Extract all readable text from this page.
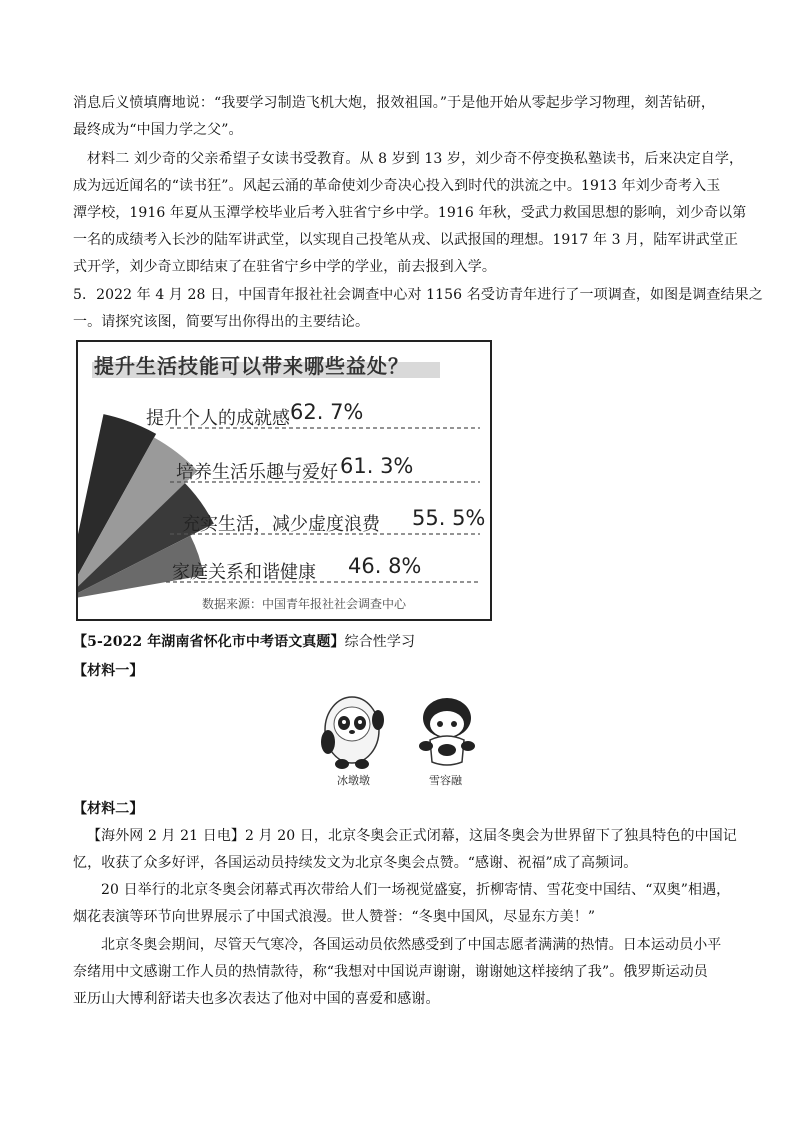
消息后义愤填膺地说：“我要学习制造飞机大炮，报效祖国。”于是他开始从零起步学习物理，刻苦钻研，
最终成为“中国力学之父”。
材料二 刘少奇的父亲希望子女读书受教育。从 8 岁到 13 岁，刘少奇不停变换私塾读书，后来决定自学，
成为远近闻名的“读书狂”。风起云涌的革命使刘少奇决心投入到时代的洪流之中。1913 年刘少奇考入玉
潭学校，1916 年夏从玉潭学校毕业后考入驻省宁乡中学。1916 年秋，受武力救国思想的影响，刘少奇以第
一名的成绩考入长沙的陆军讲武堂，以实现自己投笔从戎、以武报国的理想。1917 年 3 月，陆军讲武堂正
式开学，刘少奇立即结束了在驻省宁乡中学的学业，前去报到入学。
5．2022 年 4 月 28 日，中国青年报社社会调查中心对 1156 名受访青年进行了一项调查，如图是调查结果之
一。请探究该图，简要写出你得出的主要结论。
提升生活技能可以带来哪些益处？
提升个人的成就感 62. 7%
培养生活乐趣与爱好 61. 3%
充实生活，减少虚度浪费 55. 5%
家庭关系和谐健康 46. 8%
数据来源：中国青年报社社会调查中心
【5-2022 年湖南省怀化市中考语文真题】综合性学习
【材料一】
冰墩墩	雪容融
【材料二】
【海外网 2 月 21 日电】2 月 20 日，北京冬奥会正式闭幕，这届冬奥会为世界留下了独具特色的中国记
忆，收获了众多好评，各国运动员持续发文为北京冬奥会点赞。“感谢、祝福”成了高频词。
20 日举行的北京冬奥会闭幕式再次带给人们一场视觉盛宴，折柳寄情、雪花变中国结、“双奥”相遇，
烟花表演等环节向世界展示了中国式浪漫。世人赞誉：“冬奥中国风，尽显东方美！”
北京冬奥会期间，尽管天气寒冷，各国运动员依然感受到了中国志愿者满满的热情。日本运动员小平
奈绪用中文感谢工作人员的热情款待，称“我想对中国说声谢谢，谢谢她这样接纳了我”。俄罗斯运动员
亚历山大博利舒诺夫也多次表达了他对中国的喜爱和感谢。
